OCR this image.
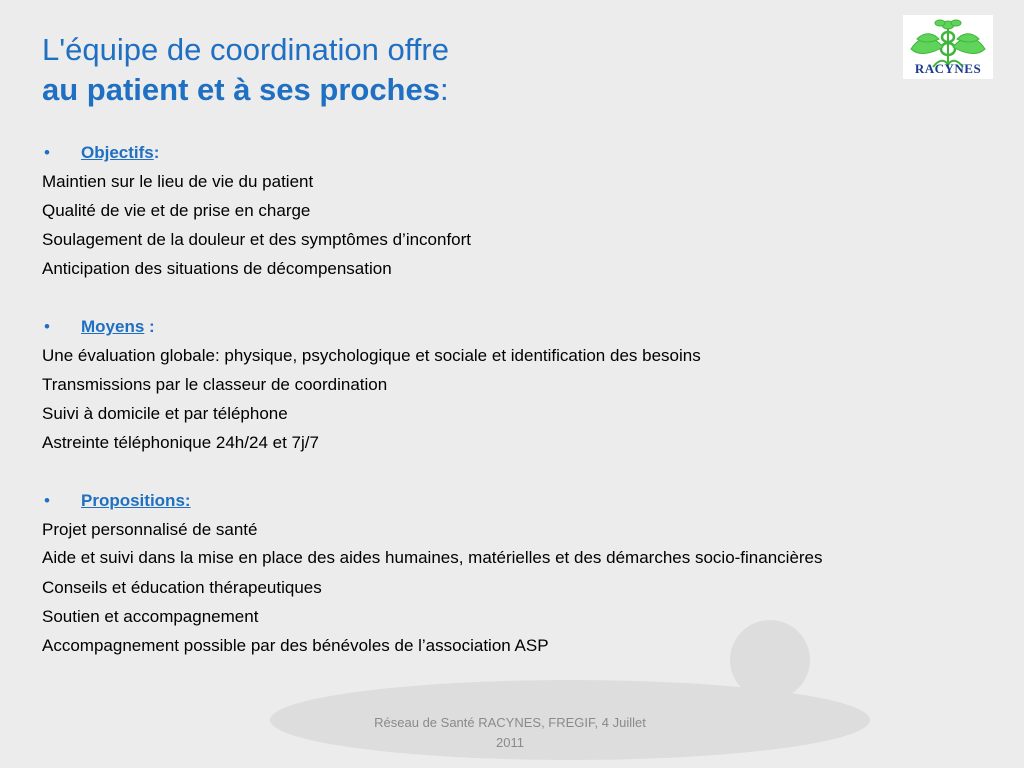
L'équipe de coordination offre
au patient et à ses proches:
RACYNES
• Objectifs:

Maintien sur le lieu de vie du patient

Qualité de vie et de prise en charge

Soulagement de la douleur et des symptômes d’inconfort

Anticipation des situations de décompensation

• Moyens :

Une évaluation globale: physique, psychologique et sociale et identification des besoins

Transmissions par le classeur de coordination

Suivi à domicile et par téléphone

Astreinte téléphonique 24h/24 et 7j/7

• Propositions:

Projet personnalisé de santé

Aide et suivi dans la mise en place des aides humaines, matérielles et des démarches socio-financières

Conseils et éducation thérapeutiques

Soutien et accompagnement

Accompagnement possible par des bénévoles de l’association ASP

Réseau de Santé RACYNES, FREGIF, 4 Juillet
2011
